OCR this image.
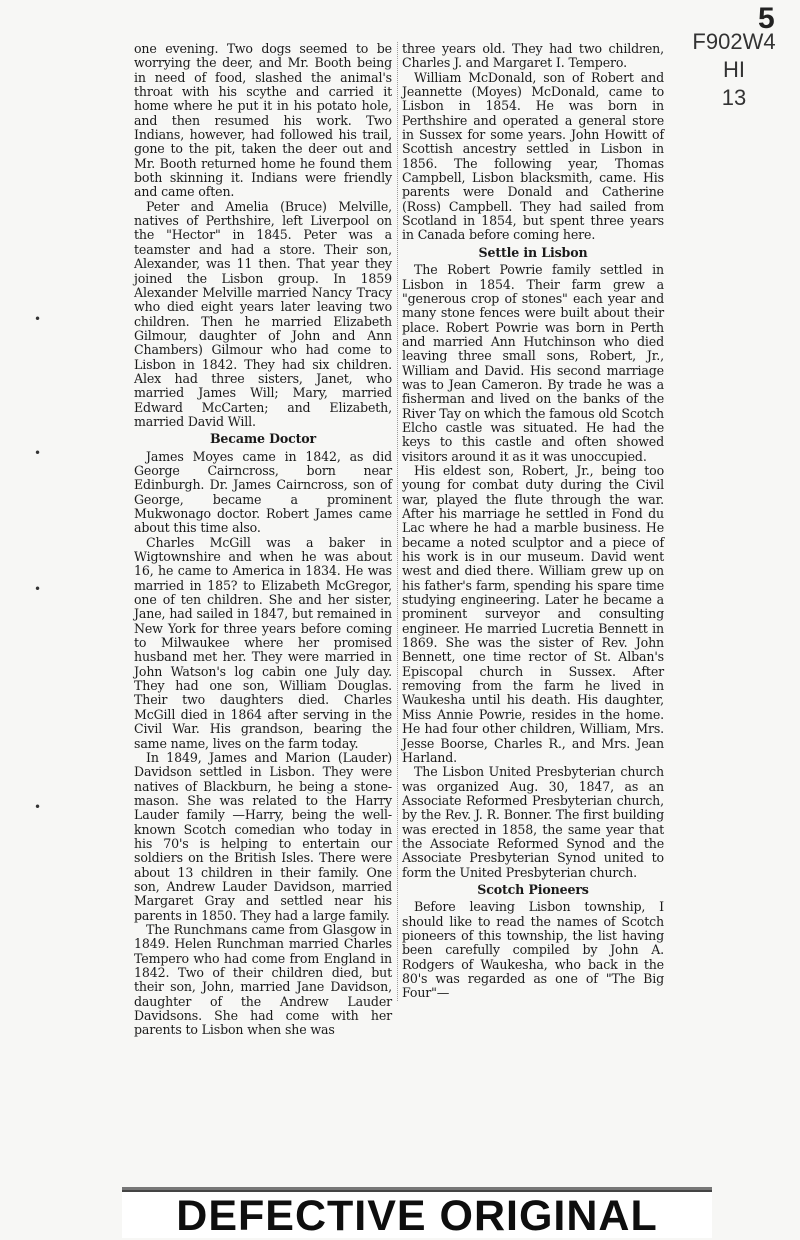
5
F902W4
HI
13
•
•
•
•

one evening. Two dogs seemed to be worrying the deer, and Mr. Booth being in need of food, slashed the animal's throat with his scythe and carried it home where he put it in his potato hole, and then resumed his work. Two Indians, however, had followed his trail, gone to the pit, taken the deer out and Mr. Booth returned home he found them both skinning it. Indians were friendly and came often.

Peter and Amelia (Bruce) Melville, natives of Perthshire, left Liverpool on the "Hector" in 1845. Peter was a teamster and had a store. Their son, Alexander, was 11 then. That year they joined the Lisbon group. In 1859 Alexander Melville married Nancy Tracy who died eight years later leaving two children. Then he married Elizabeth Gilmour, daughter of John and Ann Chambers) Gilmour who had come to Lisbon in 1842. They had six children. Alex had three sisters, Janet, who married James Will; Mary, married Edward McCarten; and Elizabeth, married David Will.

Became Doctor

James Moyes came in 1842, as did George Cairncross, born near Edinburgh. Dr. James Cairncross, son of George, became a prominent Mukwonago doctor. Robert James came about this time also.

Charles McGill was a baker in Wigtownshire and when he was about 16, he came to America in 1834. He was married in 185? to Elizabeth McGregor, one of ten children. She and her sister, Jane, had sailed in 1847, but remained in New York for three years before coming to Milwaukee where her promised husband met her. They were married in John Watson's log cabin one July day. They had one son, William Douglas. Their two daughters died. Charles McGill died in 1864 after serving in the Civil War. His grandson, bearing the same name, lives on the farm today.

In 1849, James and Marion (Lauder) Davidson settled in Lisbon. They were natives of Blackburn, he being a stone-mason. She was related to the Harry Lauder family —Harry, being the well-known Scotch comedian who today in his 70's is helping to entertain our soldiers on the British Isles. There were about 13 children in their family. One son, Andrew Lauder Davidson, married Margaret Gray and settled near his parents in 1850. They had a large family.

The Runchmans came from Glasgow in 1849. Helen Runchman married Charles Tempero who had come from England in 1842. Two of their children died, but their son, John, married Jane Davidson, daughter of the Andrew Lauder Davidsons. She had come with her parents to Lisbon when she was

three years old. They had two children, Charles J. and Margaret I. Tempero.

William McDonald, son of Robert and Jeannette (Moyes) McDonald, came to Lisbon in 1854. He was born in Perthshire and operated a general store in Sussex for some years. John Howitt of Scottish ancestry settled in Lisbon in 1856. The following year, Thomas Campbell, Lisbon blacksmith, came. His parents were Donald and Catherine (Ross) Campbell. They had sailed from Scotland in 1854, but spent three years in Canada before coming here.

Settle in Lisbon

The Robert Powrie family settled in Lisbon in 1854. Their farm grew a "generous crop of stones" each year and many stone fences were built about their place. Robert Powrie was born in Perth and married Ann Hutchinson who died leaving three small sons, Robert, Jr., William and David. His second marriage was to Jean Cameron. By trade he was a fisherman and lived on the banks of the River Tay on which the famous old Scotch Elcho castle was situated. He had the keys to this castle and often showed visitors around it as it was unoccupied.

His eldest son, Robert, Jr., being too young for combat duty during the Civil war, played the flute through the war. After his marriage he settled in Fond du Lac where he had a marble business. He became a noted sculptor and a piece of his work is in our museum. David went west and died there. William grew up on his father's farm, spending his spare time studying engineering. Later he became a prominent surveyor and consulting engineer. He married Lucretia Bennett in 1869. She was the sister of Rev. John Bennett, one time rector of St. Alban's Episcopal church in Sussex. After removing from the farm he lived in Waukesha until his death. His daughter, Miss Annie Powrie, resides in the home. He had four other children, William, Mrs. Jesse Boorse, Charles R., and Mrs. Jean Harland.

The Lisbon United Presbyterian church was organized Aug. 30, 1847, as an Associate Reformed Presbyterian church, by the Rev. J. R. Bonner. The first building was erected in 1858, the same year that the Associate Reformed Synod and the Associate Presbyterian Synod united to form the United Presbyterian church.

Scotch Pioneers

Before leaving Lisbon township, I should like to read the names of Scotch pioneers of this township, the list having been carefully compiled by John A. Rodgers of Waukesha, who back in the 80's was regarded as one of "The Big Four"—

DEFECTIVE ORIGINAL
